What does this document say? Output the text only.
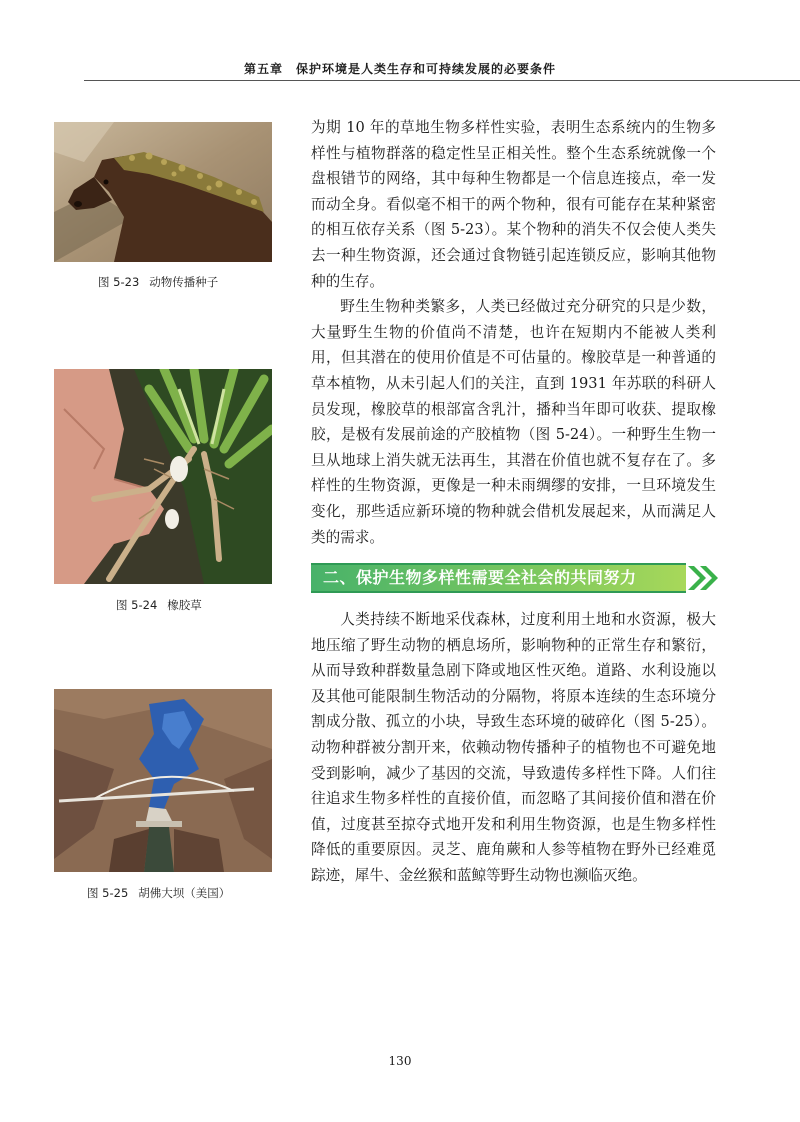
第五章　保护环境是人类生存和可持续发展的必要条件
图 5-23 动物传播种子
图 5-24 橡胶草
图 5-25 胡佛大坝（美国）

为期 10 年的草地生物多样性实验，表明生态系统内的生物多样性与植物群落的稳定性呈正相关性。整个生态系统就像一个盘根错节的网络，其中每种生物都是一个信息连接点，牵一发而动全身。看似毫不相干的两个物种，很有可能存在某种紧密的相互依存关系（图 5-23）。某个物种的消失不仅会使人类失去一种生物资源，还会通过食物链引起连锁反应，影响其他物种的生存。

野生生物种类繁多，人类已经做过充分研究的只是少数，大量野生生物的价值尚不清楚，也许在短期内不能被人类利用，但其潜在的使用价值是不可估量的。橡胶草是一种普通的草本植物，从未引起人们的关注，直到 1931 年苏联的科研人员发现，橡胶草的根部富含乳汁，播种当年即可收获、提取橡胶，是极有发展前途的产胶植物（图 5-24）。一种野生生物一旦从地球上消失就无法再生，其潜在价值也就不复存在了。多样性的生物资源，更像是一种未雨绸缪的安排，一旦环境发生变化，那些适应新环境的物种就会借机发展起来，从而满足人类的需求。

二、保护生物多样性需要全社会的共同努力

人类持续不断地采伐森林，过度利用土地和水资源，极大地压缩了野生动物的栖息场所，影响物种的正常生存和繁衍，从而导致种群数量急剧下降或地区性灭绝。道路、水利设施以及其他可能限制生物活动的分隔物，将原本连续的生态环境分割成分散、孤立的小块，导致生态环境的破碎化（图 5-25）。动物种群被分割开来，依赖动物传播种子的植物也不可避免地受到影响，减少了基因的交流，导致遗传多样性下降。人们往往追求生物多样性的直接价值，而忽略了其间接价值和潜在价值，过度甚至掠夺式地开发和利用生物资源，也是生物多样性降低的重要原因。灵芝、鹿角蕨和人参等植物在野外已经难觅踪迹，犀牛、金丝猴和蓝鲸等野生动物也濒临灭绝。

130
